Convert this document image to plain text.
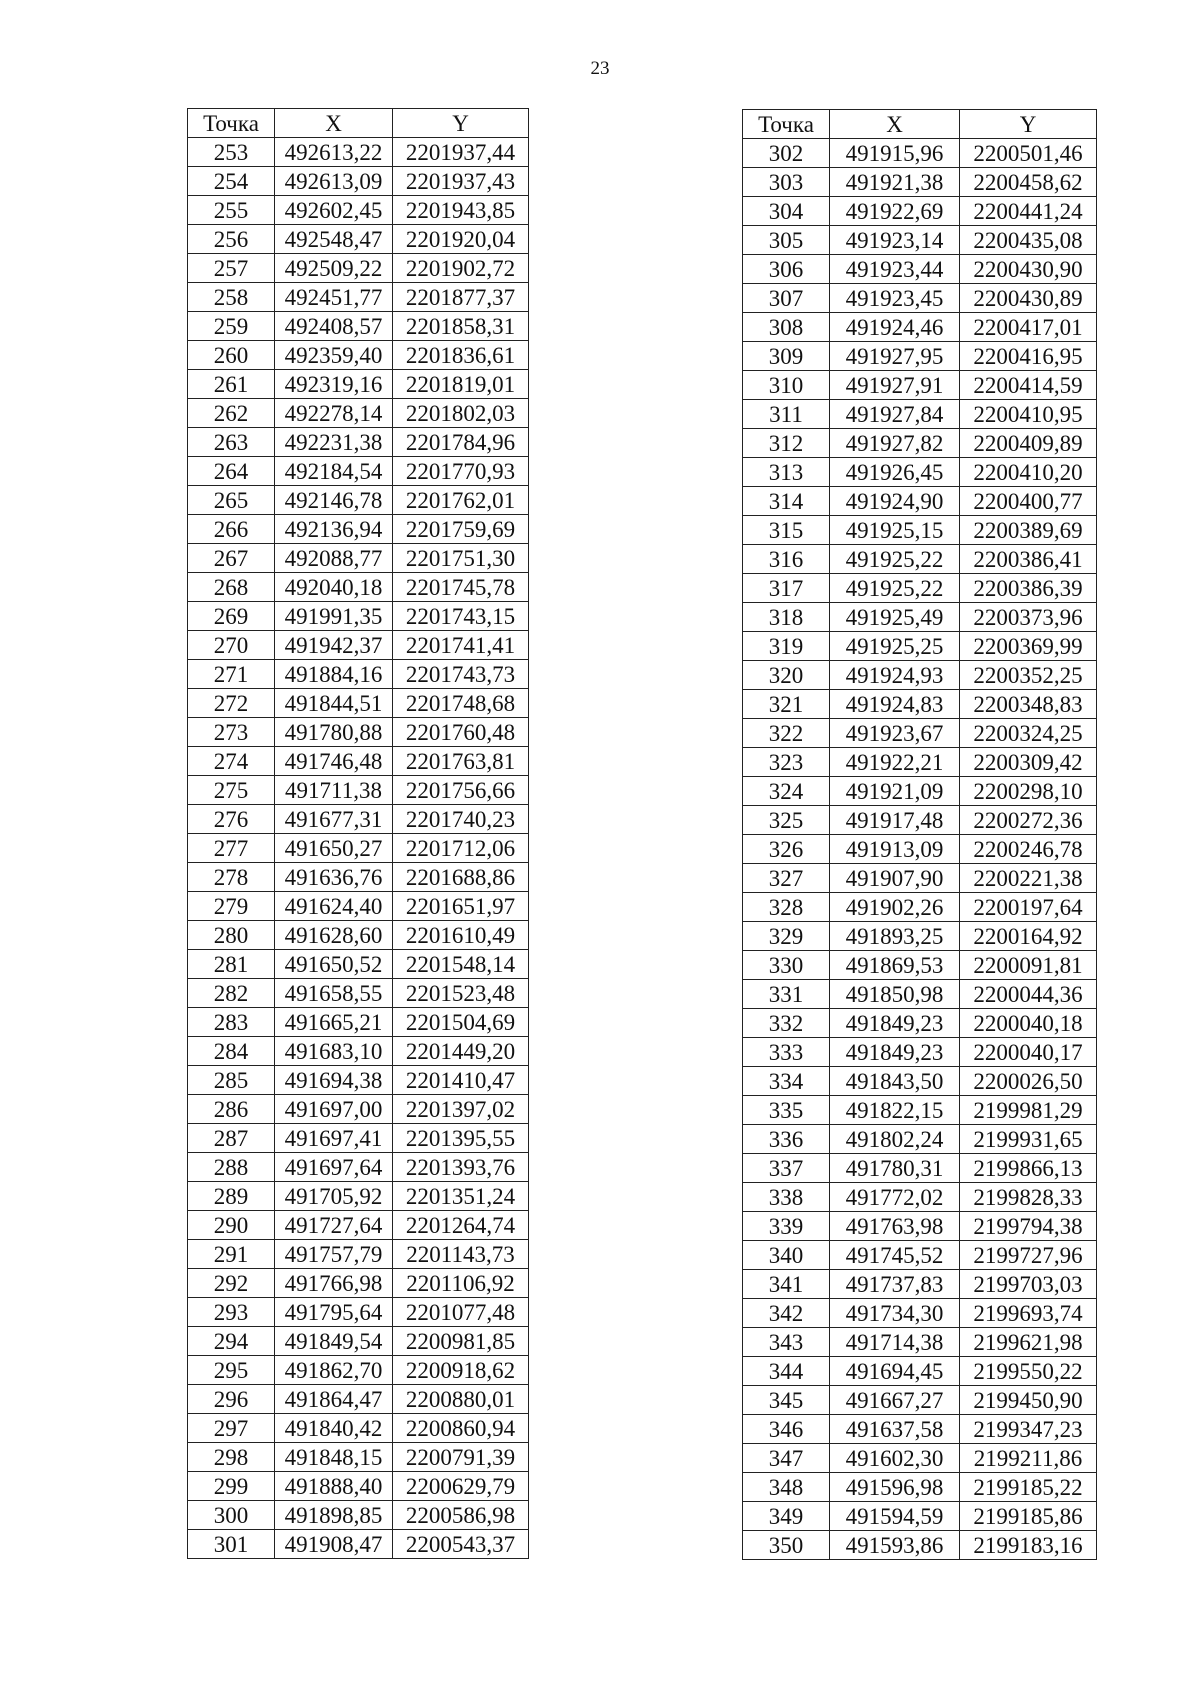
23
Точка	X	Y
253	492613,22	2201937,44
254	492613,09	2201937,43
255	492602,45	2201943,85
256	492548,47	2201920,04
257	492509,22	2201902,72
258	492451,77	2201877,37
259	492408,57	2201858,31
260	492359,40	2201836,61
261	492319,16	2201819,01
262	492278,14	2201802,03
263	492231,38	2201784,96
264	492184,54	2201770,93
265	492146,78	2201762,01
266	492136,94	2201759,69
267	492088,77	2201751,30
268	492040,18	2201745,78
269	491991,35	2201743,15
270	491942,37	2201741,41
271	491884,16	2201743,73
272	491844,51	2201748,68
273	491780,88	2201760,48
274	491746,48	2201763,81
275	491711,38	2201756,66
276	491677,31	2201740,23
277	491650,27	2201712,06
278	491636,76	2201688,86
279	491624,40	2201651,97
280	491628,60	2201610,49
281	491650,52	2201548,14
282	491658,55	2201523,48
283	491665,21	2201504,69
284	491683,10	2201449,20
285	491694,38	2201410,47
286	491697,00	2201397,02
287	491697,41	2201395,55
288	491697,64	2201393,76
289	491705,92	2201351,24
290	491727,64	2201264,74
291	491757,79	2201143,73
292	491766,98	2201106,92
293	491795,64	2201077,48
294	491849,54	2200981,85
295	491862,70	2200918,62
296	491864,47	2200880,01
297	491840,42	2200860,94
298	491848,15	2200791,39
299	491888,40	2200629,79
300	491898,85	2200586,98
301	491908,47	2200543,37
Точка	X	Y
302	491915,96	2200501,46
303	491921,38	2200458,62
304	491922,69	2200441,24
305	491923,14	2200435,08
306	491923,44	2200430,90
307	491923,45	2200430,89
308	491924,46	2200417,01
309	491927,95	2200416,95
310	491927,91	2200414,59
311	491927,84	2200410,95
312	491927,82	2200409,89
313	491926,45	2200410,20
314	491924,90	2200400,77
315	491925,15	2200389,69
316	491925,22	2200386,41
317	491925,22	2200386,39
318	491925,49	2200373,96
319	491925,25	2200369,99
320	491924,93	2200352,25
321	491924,83	2200348,83
322	491923,67	2200324,25
323	491922,21	2200309,42
324	491921,09	2200298,10
325	491917,48	2200272,36
326	491913,09	2200246,78
327	491907,90	2200221,38
328	491902,26	2200197,64
329	491893,25	2200164,92
330	491869,53	2200091,81
331	491850,98	2200044,36
332	491849,23	2200040,18
333	491849,23	2200040,17
334	491843,50	2200026,50
335	491822,15	2199981,29
336	491802,24	2199931,65
337	491780,31	2199866,13
338	491772,02	2199828,33
339	491763,98	2199794,38
340	491745,52	2199727,96
341	491737,83	2199703,03
342	491734,30	2199693,74
343	491714,38	2199621,98
344	491694,45	2199550,22
345	491667,27	2199450,90
346	491637,58	2199347,23
347	491602,30	2199211,86
348	491596,98	2199185,22
349	491594,59	2199185,86
350	491593,86	2199183,16
